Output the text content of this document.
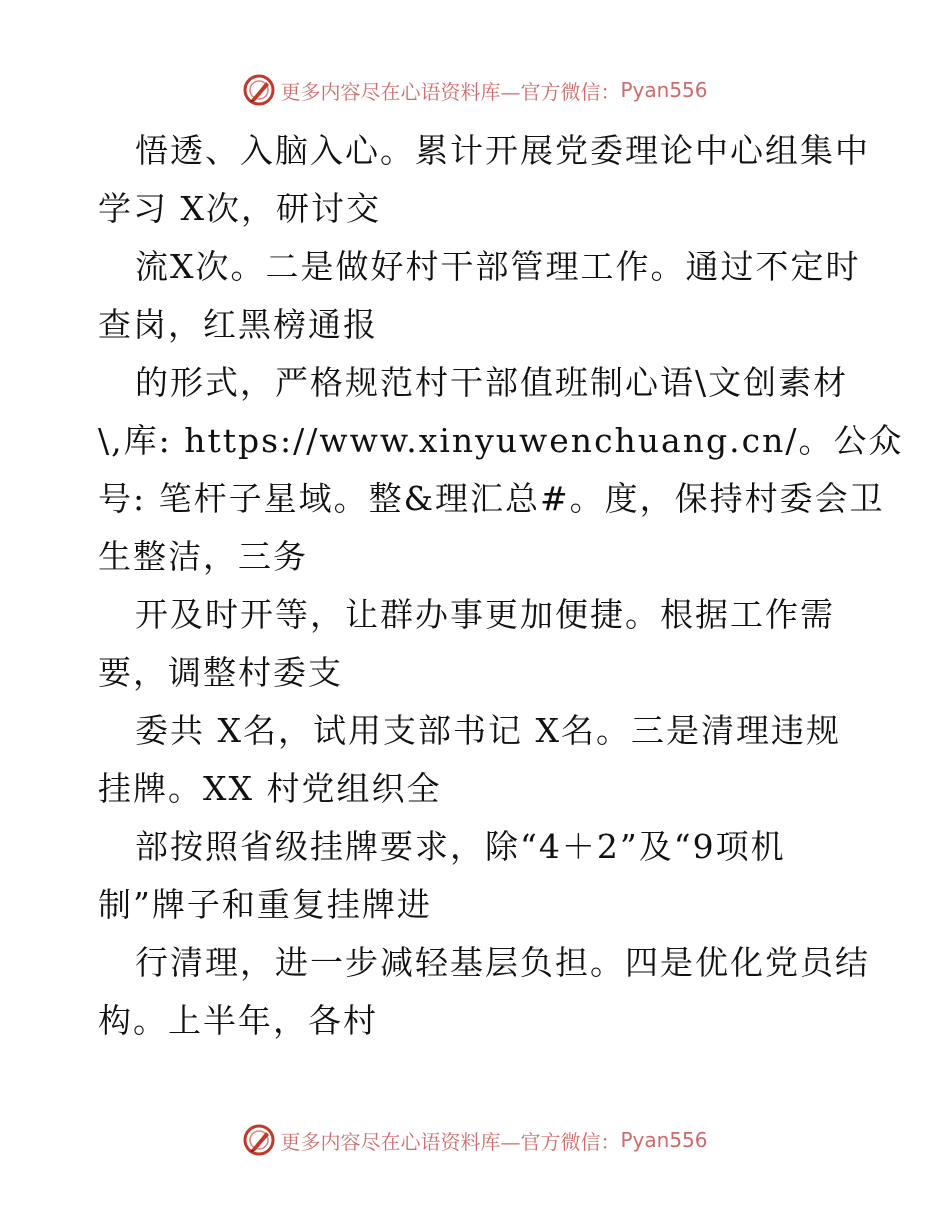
更多内容尽在心语资料库—官方微信： Pyan556
悟透、入脑入心。累计开展党委理论中心组集中
学习 X次，研讨交
流X次。二是做好村干部管理工作。通过不定时
查岗，红黑榜通报
的形式，严格规范村干部值班制心语\文创素材
\,库: https://www.xinyuwenchuang.cn/。公众
号: 笔杆子星域。整&理汇总#。度，保持村委会卫
生整洁，三务
开及时开等，让群办事更加便捷。根据工作需
要，调整村委支
委共 X名，试用支部书记 X名。三是清理违规
挂牌。XX 村党组织全
部按照省级挂牌要求，除“4＋2”及“9项机
制”牌子和重复挂牌进
行清理，进一步减轻基层负担。四是优化党员结
构。上半年，各村
更多内容尽在心语资料库—官方微信： Pyan556
